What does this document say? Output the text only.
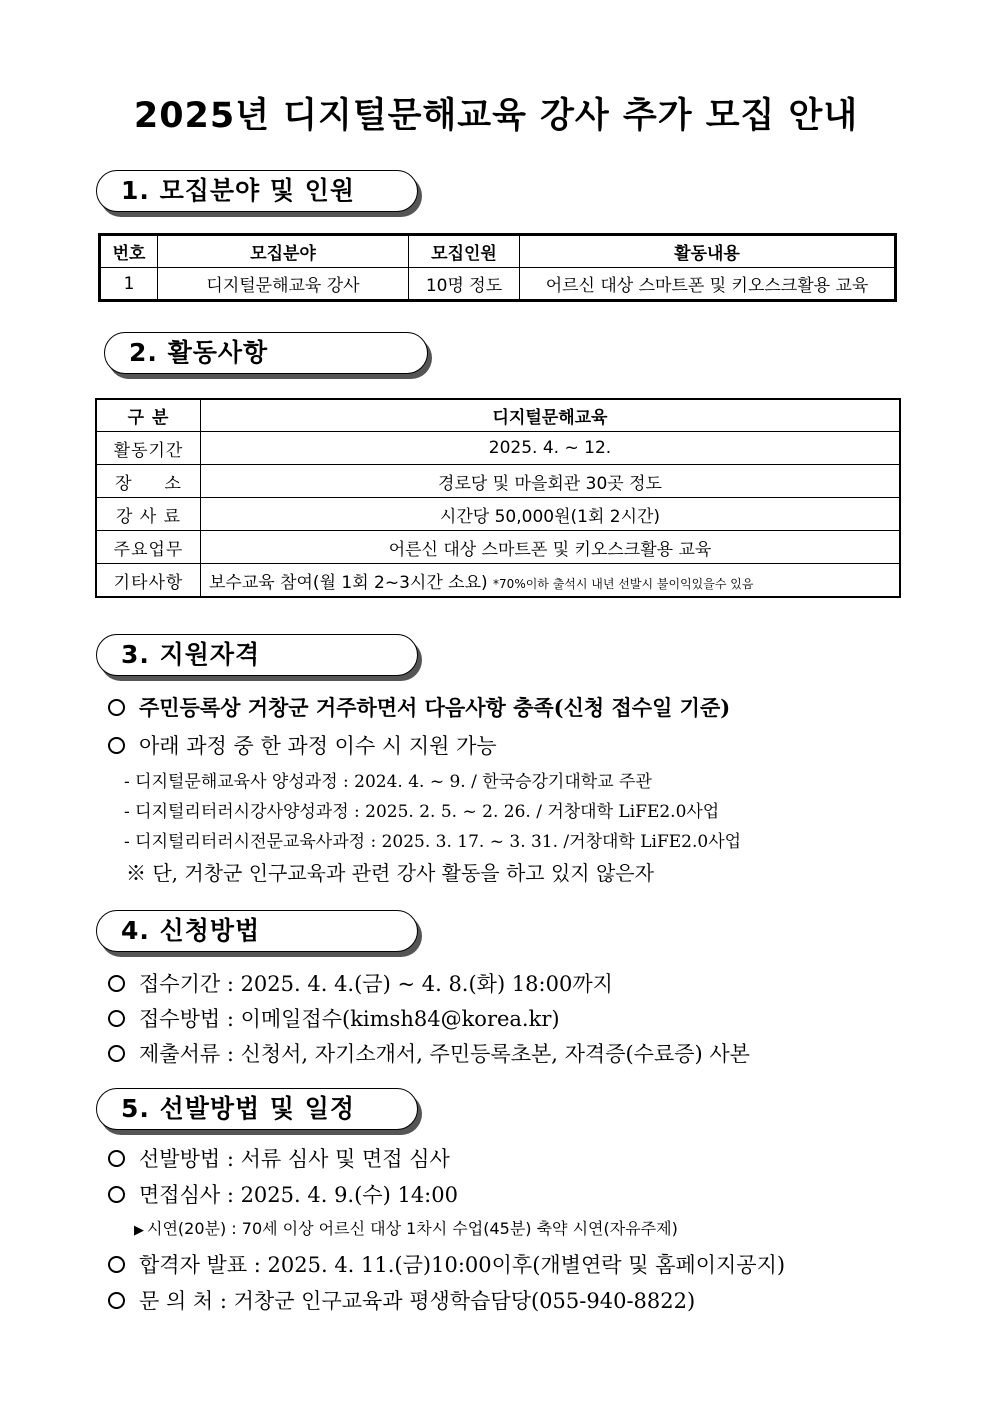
2025년 디지털문해교육 강사 추가 모집 안내
1. 모집분야 및 인원
번호	모집분야	모집인원	활동내용
1	디지털문해교육 강사	10명 정도	어르신 대상 스마트폰 및 키오스크활용 교육
2. 활동사항
구 분	디지털문해교육
활동기간	2025. 4. ~ 12.
장     소	경로당 및 마을회관 30곳 정도
강 사 료	시간당 50,000원(1회 2시간)
주요업무	어른신 대상 스마트폰 및 키오스크활용 교육
기타사항	보수교육 참여(월 1회 2~3시간 소요) *70%이하 출석시 내년 선발시 불이익있을수 있음
3. 지원자격
주민등록상 거창군 거주하면서 다음사항 충족(신청 접수일 기준)
아래 과정 중 한 과정 이수 시 지원 가능
- 디지털문해교육사 양성과정 : 2024. 4. ~ 9. / 한국승강기대학교 주관
- 디지털리터러시강사양성과정 : 2025. 2. 5. ~ 2. 26. / 거창대학 LiFE2.0사업
- 디지털리터러시전문교육사과정 : 2025. 3. 17. ~ 3. 31. /거창대학 LiFE2.0사업
※ 단, 거창군 인구교육과 관련 강사 활동을 하고 있지 않은자
4. 신청방법
접수기간 : 2025. 4. 4.(금) ~ 4. 8.(화) 18:00까지
접수방법 : 이메일접수(kimsh84@korea.kr)
제출서류 : 신청서, 자기소개서, 주민등록초본, 자격증(수료증) 사본
5. 선발방법 및 일정
선발방법 : 서류 심사 및 면접 심사
면접심사 : 2025. 4. 9.(수) 14:00
▶ 시연(20분) : 70세 이상 어르신 대상 1차시 수업(45분) 축약 시연(자유주제)
합격자 발표 : 2025. 4. 11.(금)10:00이후(개별연락 및 홈페이지공지)
문 의 처 : 거창군 인구교육과 평생학습담당(055-940-8822)
